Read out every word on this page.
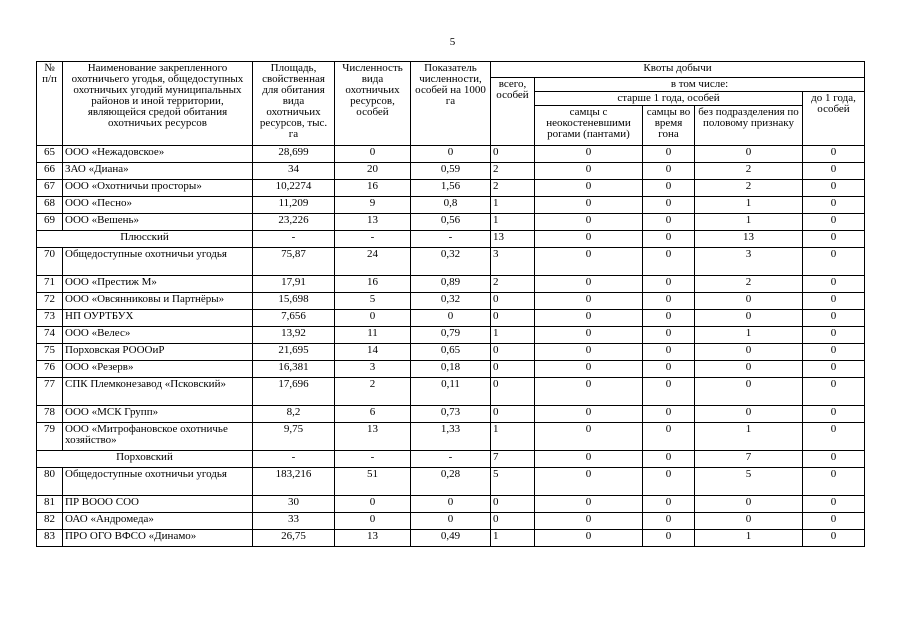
5
№ п/п	Наименование закрепленного охотничьего угодья, общедоступных охотничьих угодий муниципальных районов и иной территории, являющейся средой обитания охотничьих ресурсов	Площадь, свойственная для обитания вида охотничьих ресурсов, тыс. га	Численность вида охотничьих ресурсов, особей	Показатель численности, особей на 1000 га	Квоты добычи				
					всего, особей	в том числе:			
						старше 1 года, особей			до 1 года, особей
						самцы с неокостеневшими рогами (пантами)	самцы во время гона	без подразделения по половому признаку	
65	ООО «Нежадовское»	28,699	0	0	0	0	0	0	0
66	ЗАО «Диана»	34	20	0,59	2	0	0	2	0
67	ООО «Охотничьи просторы»	10,2274	16	1,56	2	0	0	2	0
68	ООО «Песно»	11,209	9	0,8	1	0	0	1	0
69	ООО «Вешень»	23,226	13	0,56	1	0	0	1	0
Плюсский		-	-	-	13	0	0	13	0
70	Общедоступные охотничьи угодья	75,87	24	0,32	3	0	0	3	0
71	ООО «Престиж М»	17,91	16	0,89	2	0	0	2	0
72	ООО «Овсянниковы и Партнёры»	15,698	5	0,32	0	0	0	0	0
73	НП ОУРТБУХ	7,656	0	0	0	0	0	0	0
74	ООО «Велес»	13,92	11	0,79	1	0	0	1	0
75	Порховская РОООиР	21,695	14	0,65	0	0	0	0	0
76	ООО «Резерв»	16,381	3	0,18	0	0	0	0	0
77	СПК Племконезавод «Псковский»	17,696	2	0,11	0	0	0	0	0
78	ООО «МСК Групп»	8,2	6	0,73	0	0	0	0	0
79	ООО «Митрофановское охотничье хозяйство»	9,75	13	1,33	1	0	0	1	0
Порховский		-	-	-	7	0	0	7	0
80	Общедоступные охотничьи угодья	183,216	51	0,28	5	0	0	5	0
81	ПР ВООО СОО	30	0	0	0	0	0	0	0
82	ОАО «Андромеда»	33	0	0	0	0	0	0	0
83	ПРО ОГО ВФСО «Динамо»	26,75	13	0,49	1	0	0	1	0
